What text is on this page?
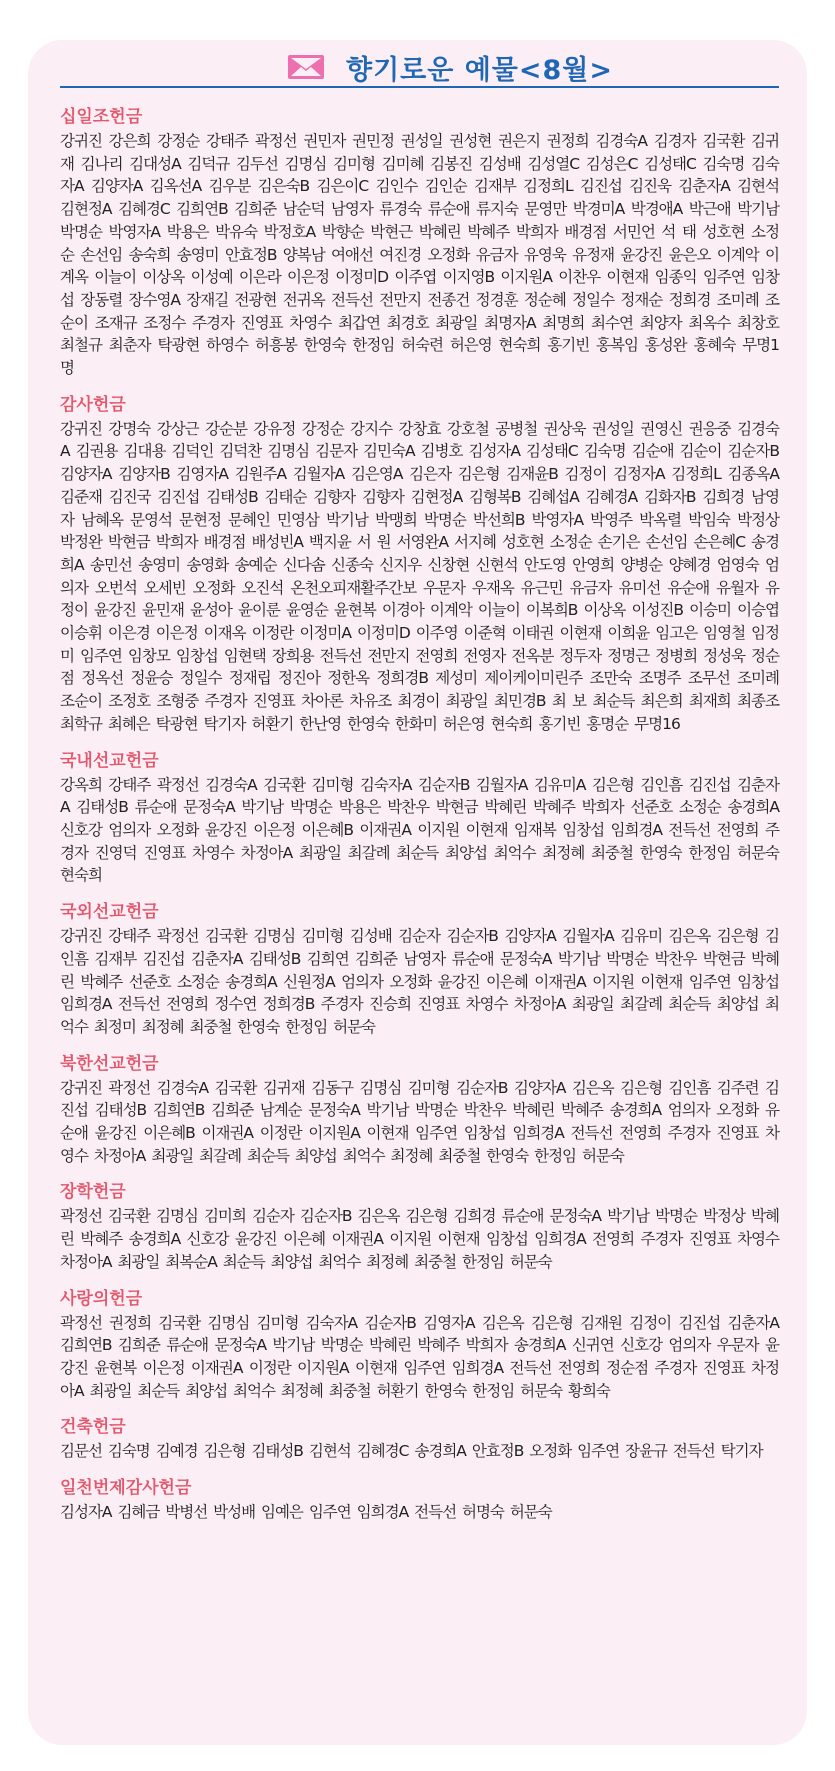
향기로운 예물<8월>
십일조헌금

강귀진 강은희 강정순 강태주 곽정선 권민자 권민정 권성일 권성현 권은지 권정희 김경숙A 김경자 김국환 김귀재 김나리 김대성A 김덕규 김두선 김명심 김미형 김미혜 김봉진 김성배 김성열C 김성은C 김성태C 김숙명 김숙자A 김양자A 김옥선A 김우분 김은숙B 김은이C 김인수 김인순 김재부 김정희L 김진섭 김진욱 김춘자A 김현석 김현정A 김혜경C 김희연B 김희준 남순덕 남영자 류경숙 류순애 류지숙 문영만 박경미A 박경애A 박근애 박기남 박명순 박영자A 박용은 박유숙 박정호A 박향순 박현근 박혜린 박혜주 박희자 배경점 서민언 석 태 성호현 소정순 손선임 송숙희 송영미 안효정B 양복남 여애선 여진경 오정화 유금자 유영욱 유정재 윤강진 윤은오 이계악 이계옥 이늘이 이상옥 이성예 이은라 이은정 이정미D 이주엽 이지영B 이지원A 이찬우 이현재 임종익 임주연 임창섭 장동렬 장수영A 장재길 전광현 전귀옥 전득선 전만지 전종건 정경훈 정순혜 정일수 정재순 정희경 조미례 조순이 조재규 조정수 주경자 진영표 차영수 최갑연 최경호 최광일 최명자A 최명희 최수연 최양자 최옥수 최창호 최철규 최춘자 탁광현 하영수 허흥봉 한영숙 한정임 허숙련 허은영 현숙희 홍기빈 홍복임 홍성완 홍혜숙 무명1명

감사헌금

강귀진 강명숙 강상근 강순분 강유정 강정순 강지수 강창효 강호철 공병철 권상욱 권성일 권영신 권응중 김경숙A 김권용 김대용 김덕인 김덕찬 김명심 김문자 김민숙A 김병호 김성자A 김성태C 김숙명 김순애 김순이 김순자B 김양자A 김양자B 김영자A 김원주A 김월자A 김은영A 김은자 김은형 김재윤B 김정이 김정자A 김정희L 김종옥A 김준재 김진국 김진섭 김태성B 김태순 김향자 김향자 김현정A 김형복B 김혜섭A 김혜경A 김화자B 김희경 남영자 남혜옥 문영석 문현정 문혜인 민영삼 박기남 박맹희 박명순 박선희B 박영자A 박영주 박옥렬 박임숙 박정상 박정완 박현금 박희자 배경점 배성빈A 백지윤 서 원 서영완A 서지혜 성호현 소정순 손기은 손선임 손은혜C 송경희A 송민선 송영미 송영화 송예순 신다솜 신종숙 신지우 신창현 신현석 안도영 안영희 양병순 양혜경 엄영숙 엄의자 오번석 오세빈 오정화 오진석 온천오피재활주간보 우문자 우재옥 유근민 유금자 유미선 유순애 유월자 유정이 윤강진 윤민재 윤성아 윤이룬 윤영순 윤현복 이경아 이계악 이늘이 이복희B 이상옥 이성진B 이승미 이승엽 이승휘 이은경 이은정 이재옥 이정란 이정미A 이정미D 이주영 이준혁 이태권 이현재 이희윤 임고은 임영철 임정미 임주연 임창모 임창섭 임현택 장희용 전득선 전만지 전영희 전영자 전옥분 정두자 정명근 정병희 정성욱 정순점 정옥선 정윤승 정일수 정재립 정진아 정한옥 정희경B 제성미 제이케이미린주 조만숙 조명주 조무선 조미례 조순이 조정호 조형중 주경자 진영표 차아론 차유조 최경이 최광일 최민경B 최 보 최순득 최은희 최재희 최종조 최학규 최혜은 탁광현 탁기자 허환기 한난영 한영숙 한화미 허은영 현숙희 홍기빈 홍명순 무명16

국내선교헌금

강옥희 강태주 곽정선 김경숙A 김국환 김미형 김숙자A 김순자B 김월자A 김유미A 김은형 김인흠 김진섭 김춘자A 김태성B 류순애 문정숙A 박기남 박명순 박용은 박찬우 박현금 박혜린 박혜주 박희자 선준호 소정순 송경희A 신호강 엄의자 오정화 윤강진 이은정 이은혜B 이재권A 이지원 이현재 임재복 임창섭 임희경A 전득선 전영희 주경자 진영덕 진영표 차영수 차정아A 최광일 최갈례 최순득 최양섭 최억수 최정혜 최중철 한영숙 한정임 허문숙 현숙희

국외선교헌금

강귀진 강태주 곽정선 김국환 김명심 김미형 김성배 김순자 김순자B 김양자A 김월자A 김유미 김은옥 김은형 김인흠 김재부 김진섭 김춘자A 김태성B 김희연 김희준 남영자 류순애 문정숙A 박기남 박명순 박찬우 박현금 박혜린 박혜주 선준호 소정순 송경희A 신원정A 엄의자 오정화 윤강진 이은혜 이재권A 이지원 이현재 임주연 임창섭 임희경A 전득선 전영희 정수연 정희경B 주경자 진승희 진영표 차영수 차정아A 최광일 최갈례 최순득 최양섭 최억수 최정미 최정혜 최중철 한영숙 한정임 허문숙

북한선교헌금

강귀진 곽정선 김경숙A 김국환 김귀재 김동구 김명심 김미형 김순자B 김양자A 김은옥 김은형 김인흠 김주련 김진섭 김태성B 김희연B 김희준 남계순 문정숙A 박기남 박명순 박찬우 박혜린 박혜주 송경희A 엄의자 오정화 유순애 윤강진 이은혜B 이재권A 이정란 이지원A 이현재 임주연 임창섭 임희경A 전득선 전영희 주경자 진영표 차영수 차정아A 최광일 최갈례 최순득 최양섭 최억수 최정혜 최중철 한영숙 한정임 허문숙

장학헌금

곽정선 김국환 김명심 김미희 김순자 김순자B 김은옥 김은형 김희경 류순애 문정숙A 박기남 박명순 박정상 박혜린 박혜주 송경희A 신호강 윤강진 이은혜 이재권A 이지원 이현재 임창섭 임희경A 전영희 주경자 진영표 차영수 차정아A 최광일 최복순A 최순득 최양섭 최억수 최정혜 최중철 한정임 허문숙

사랑의헌금

곽정선 권정희 김국환 김명심 김미형 김숙자A 김순자B 김영자A 김은옥 김은형 김재원 김정이 김진섭 김춘자A 김희연B 김희준 류순애 문정숙A 박기남 박명순 박혜린 박혜주 박희자 송경희A 신귀연 신호강 엄의자 우문자 윤강진 윤현복 이은정 이재권A 이정란 이지원A 이현재 임주연 임희경A 전득선 전영희 정순점 주경자 진영표 차정아A 최광일 최순득 최양섭 최억수 최정혜 최중철 허환기 한영숙 한정임 허문숙 황희숙

건축헌금

김문선 김숙명 김예경 김은형 김태성B 김현석 김혜경C 송경희A 안효정B 오정화 임주연 장윤규 전득선 탁기자

일천번제감사헌금

김성자A 김혜금 박병선 박성배 임예은 임주연 임희경A 전득선 허명숙 허문숙
